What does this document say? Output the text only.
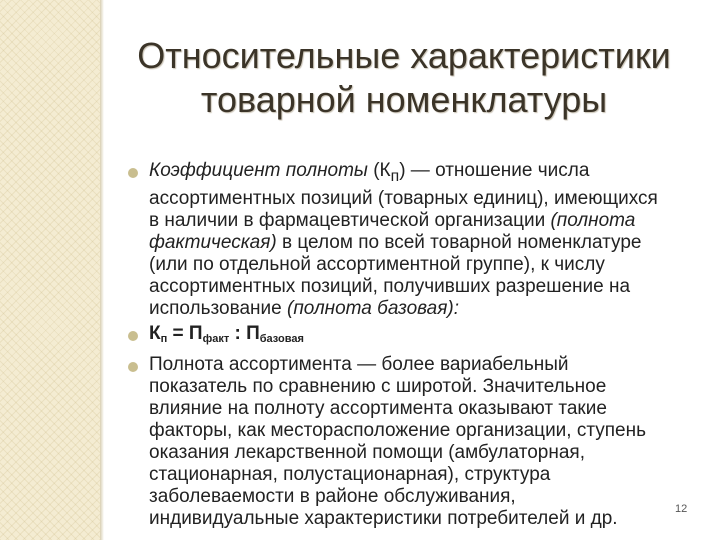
Относительные характеристики
товарной номенклатуры
Коэффициент полноты $(К_п)$ — отношение числа
ассортиментных позиций (товарных единиц), имеющихся
в наличии в фармацевтической организации (полнота
фактическая) в целом по всей товарной номенклатуре
(или по отдельной ассортиментной группе), к числу
ассортиментных позиций, получивших разрешение на
использование (полнота базовая):
$К_п = П_{факт}$ : $П_{базовая}$
Полнота ассортимента — более вариабельный
показатель по сравнению с широтой. Значительное
влияние на полноту ассортимента оказывают такие
факторы, как месторасположение организации, ступень
оказания лекарственной помощи (амбулаторная,
стационарная, полустационарная), структура
заболеваемости в районе обслуживания,
индивидуальные характеристики потребителей и др.	12
